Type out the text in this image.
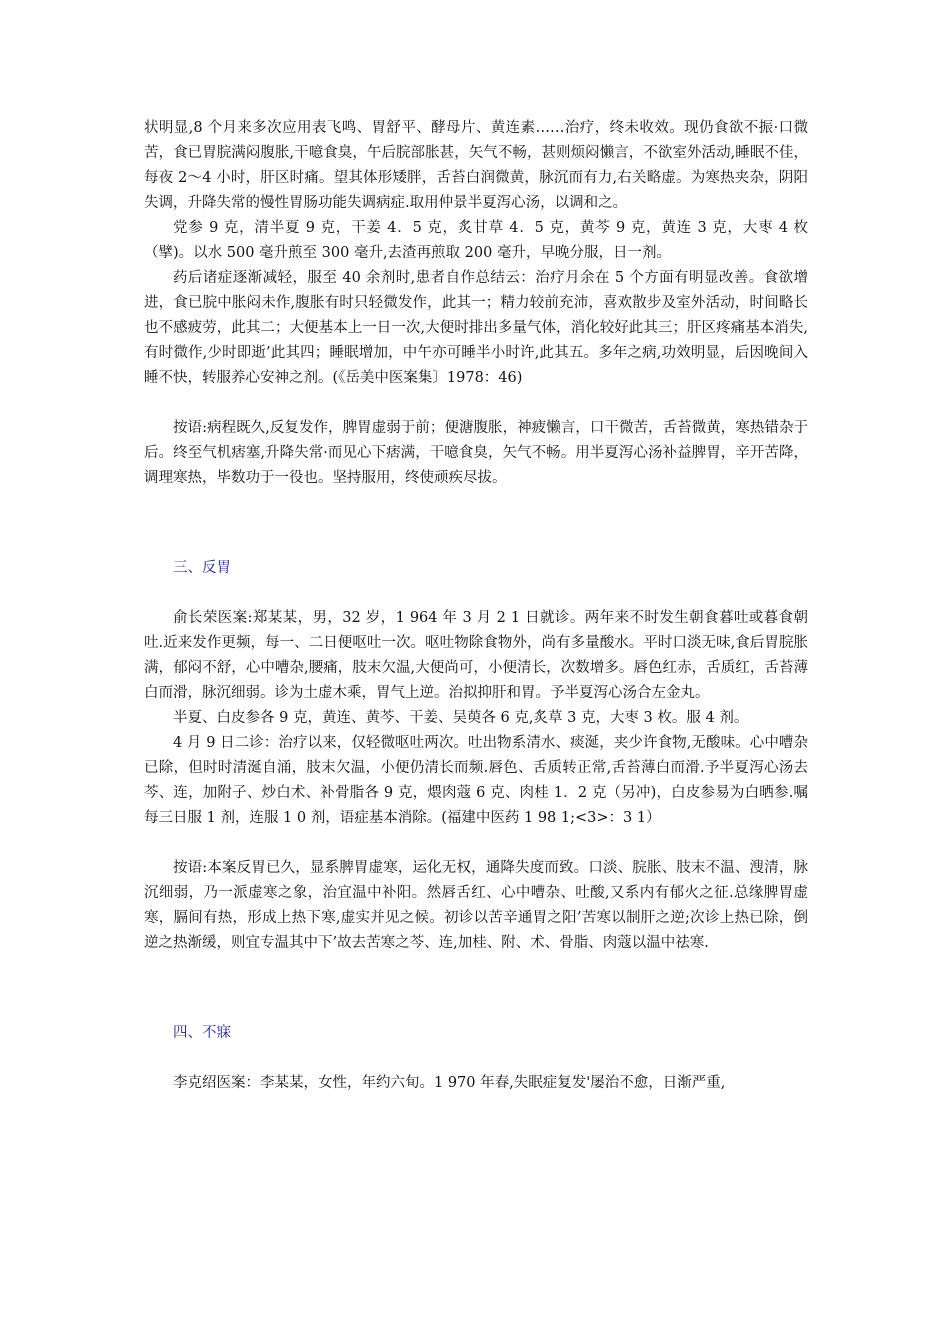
状明显,8 个月来多次应用表飞鸣、胃舒平、酵母片、黄连素……治疗，终未收效。现仍食欲不振·口微苦，食已胃脘满闷腹胀,干噫食臭，午后脘部胀甚，矢气不畅，甚则烦闷懒言，不欲室外活动,睡眠不佳，每夜 2～4 小时，肝区时痛。望其体形矮胖，舌苔白润微黄，脉沉而有力,右关略虚。为寒热夹杂，阴阳失调，升降失常的慢性胃肠功能失调病症.取用仲景半夏泻心汤，以调和之。

党参 9 克，清半夏 9 克，干姜 4．5 克，炙甘草 4．5 克，黄芩 9 克，黄连 3 克，大枣 4 枚（擘)。以水 500 毫升煎至 300 毫升,去渣再煎取 200 毫升，早晚分服，日一剂。

药后诸症逐渐减轻，服至 40 余剂时,患者自作总结云：治疗月余在 5 个方面有明显改善。食欲增进，食已脘中胀闷未作,腹胀有时只轻微发作，此其一；精力较前充沛，喜欢散步及室外活动，时间略长也不感疲劳，此其二；大便基本上一日一次,大便时排出多量气体，消化较好此其三；肝区疼痛基本消失,有时微作,少时即逝’此其四；睡眠增加，中午亦可睡半小时许,此其五。多年之病,功效明显，后因晚间入睡不快，转服养心安神之剂。(《岳美中医案集〕1978：46)

按语:病程既久,反复发作，脾胃虚弱于前；便溏腹胀，神疲懒言，口干微苦，舌苔微黄，寒热错杂于后。终至气机痞塞,升降失常·而见心下痞满，干噫食臭，矢气不畅。用半夏泻心汤补益脾胃，辛开苦降，调理寒热，毕数功于一役也。坚持服用，终使顽疾尽拔。

三、反胃

俞长荣医案:郑某某，男，32 岁，1 964 年 3 月 2 1 日就诊。两年来不时发生朝食暮吐或暮食朝吐.近来发作更频，每一、二日便呕吐一次。呕吐物除食物外，尚有多量酸水。平时口淡无味,食后胃脘胀满，郁闷不舒，心中嘈杂,腰痛，肢末欠温,大便尚可，小便清长，次数增多。唇色红赤，舌质红，舌苔薄白而滑，脉沉细弱。诊为土虚木乘，胃气上逆。治拟抑肝和胃。予半夏泻心汤合左金丸。

半夏、白皮参各 9 克，黄连、黄芩、干姜、吴萸各 6 克,炙草 3 克，大枣 3 枚。服 4 剂。

4 月 9 日二诊：治疗以来，仅轻微呕吐两次。吐出物系清水、痰涎，夹少许食物,无酸味。心中嘈杂已除，但时时清涎自涌，肢末欠温，小便仍清长而频.唇色、舌质转正常,舌苔薄白而滑.予半夏泻心汤去芩、连，加附子、炒白术、补骨脂各 9 克，煨肉蔻 6 克、肉桂 1．2 克（另冲)，白皮参易为白晒参.嘱每三日服 1 剂，连服 1 0 剂，语症基本消除。(福建中医药 1 98 1;<3>：3 1）

按语:本案反胃已久，显系脾胃虚寒，运化无权，通降失度而致。口淡、脘胀、肢末不温、溲清，脉沉细弱，乃一派虚寒之象，治宜温中补阳。然唇舌红、心中嘈杂、吐酸,又系内有郁火之征.总缘脾胃虚寒，膈间有热，形成上热下寒,虚实并见之候。初诊以苦辛通胃之阳’苦寒以制肝之逆;次诊上热已除，倒逆之热渐缓，则宜专温其中下’故去苦寒之芩、连,加桂、附、术、骨脂、肉蔻以温中祛寒.

四、不寐

李克绍医案：李某某，女性，年约六旬。1 970 年春,失眠症复发'屡治不愈，日渐严重,
